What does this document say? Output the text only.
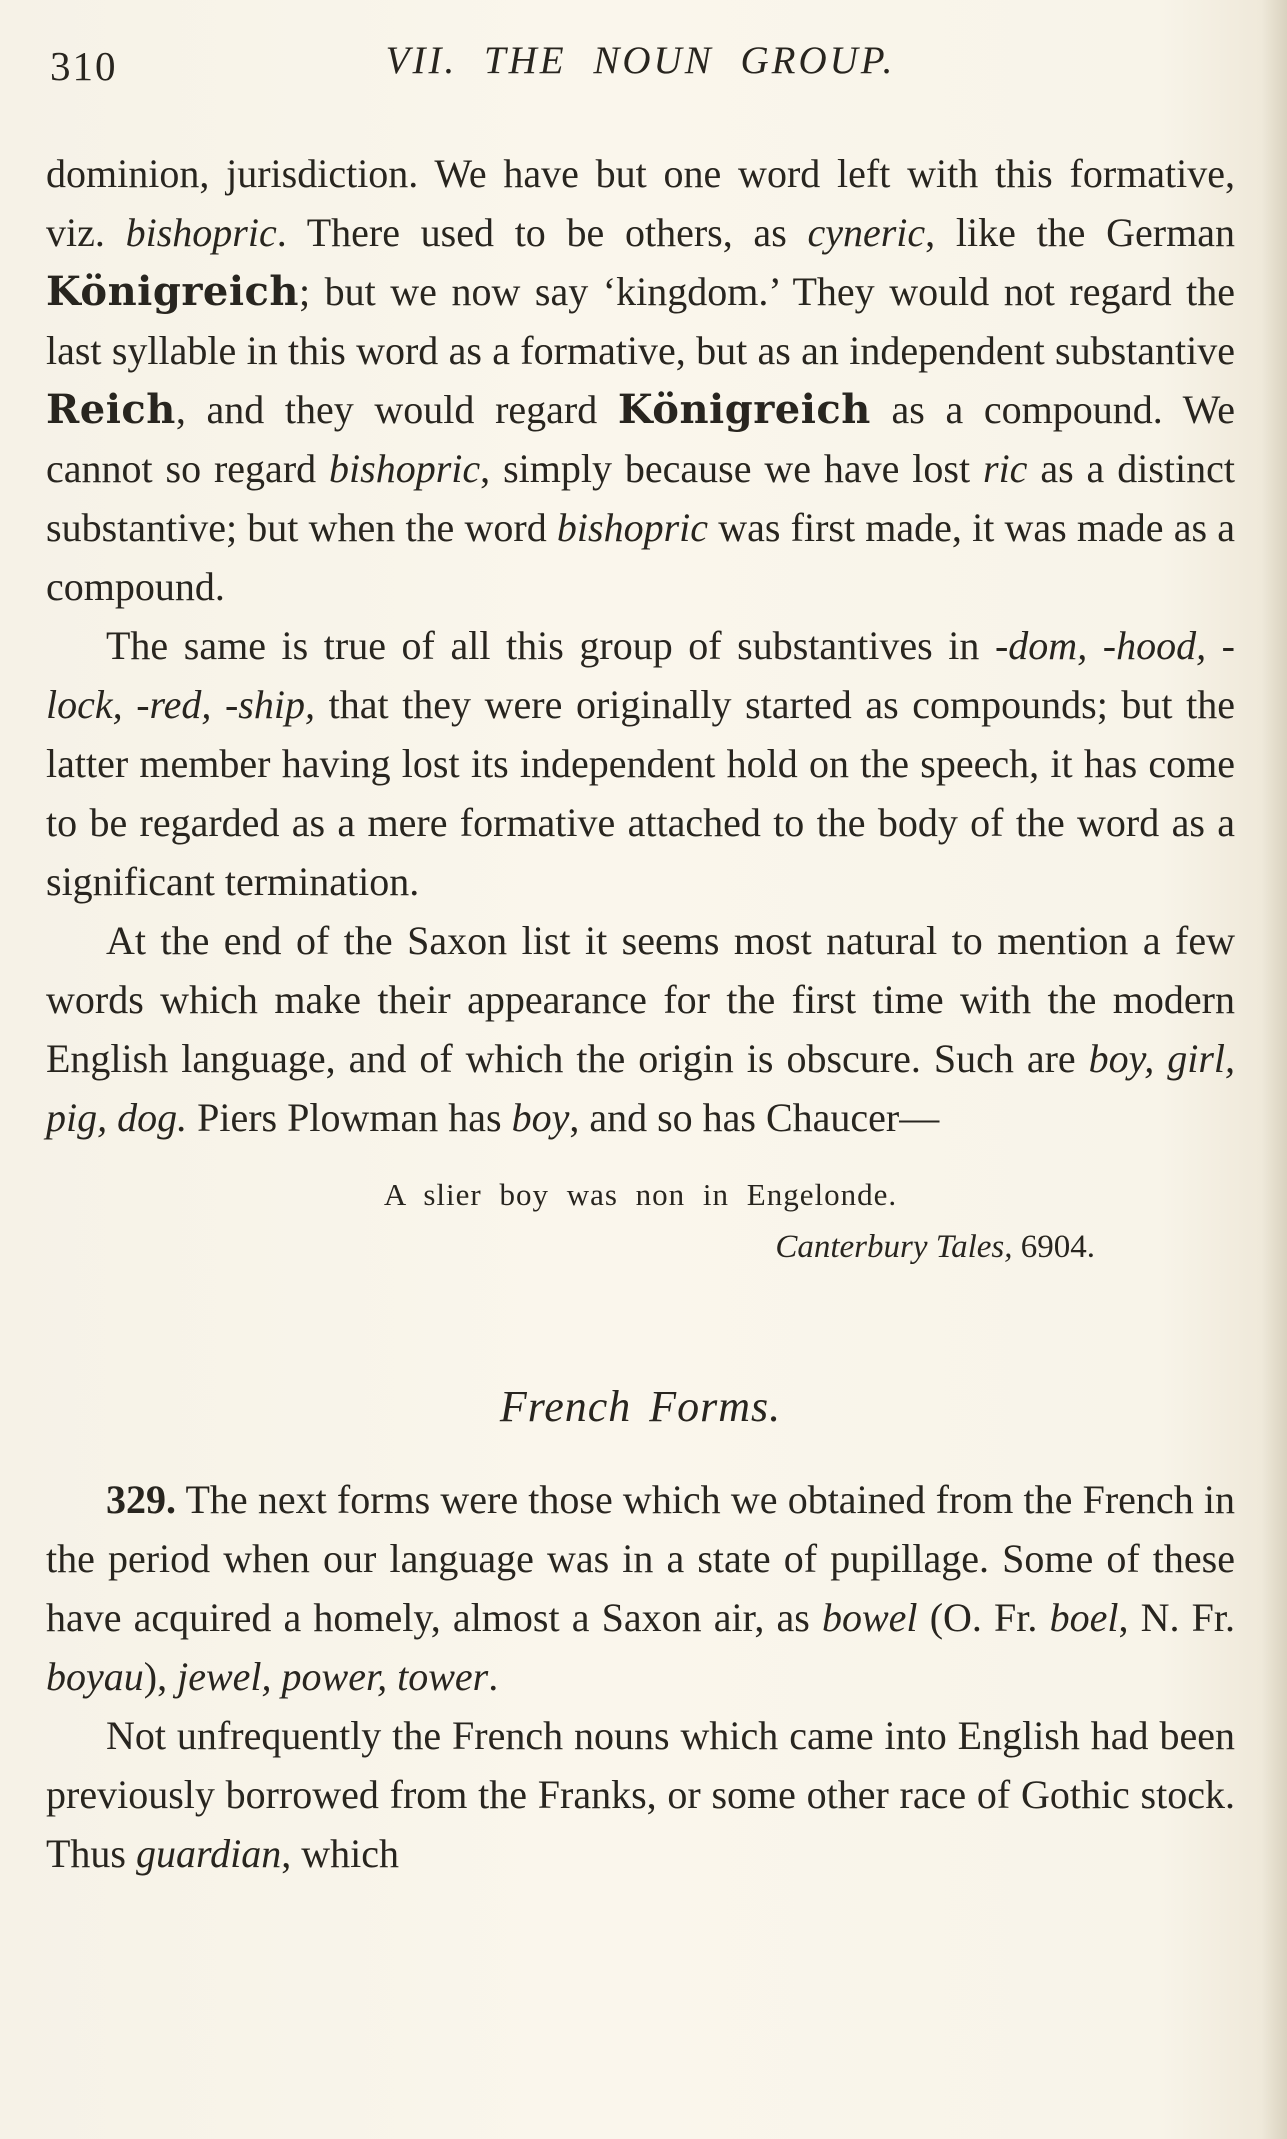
310	VII. THE NOUN GROUP.

dominion, jurisdiction. We have but one word left with this formative, viz. bishopric. There used to be others, as cyneric, like the German Königreich; but we now say ‘kingdom.’ They would not regard the last syllable in this word as a formative, but as an independent substantive Reich, and they would regard Königreich as a compound. We cannot so regard bishopric, simply because we have lost ric as a distinct substantive; but when the word bishopric was first made, it was made as a compound.

The same is true of all this group of substantives in -dom, -hood, -lock, -red, -ship, that they were originally started as compounds; but the latter member having lost its independent hold on the speech, it has come to be regarded as a mere formative attached to the body of the word as a significant termination.

At the end of the Saxon list it seems most natural to mention a few words which make their appearance for the first time with the modern English language, and of which the origin is obscure. Such are boy, girl, pig, dog. Piers Plowman has boy, and so has Chaucer—

A slier boy was non in Engelonde.
Canterbury Tales, 6904.
French Forms.

329. The next forms were those which we obtained from the French in the period when our language was in a state of pupillage. Some of these have acquired a homely, almost a Saxon air, as bowel (O. Fr. boel, N. Fr. boyau), jewel, power, tower.

Not unfrequently the French nouns which came into English had been previously borrowed from the Franks, or some other race of Gothic stock. Thus guardian, which
